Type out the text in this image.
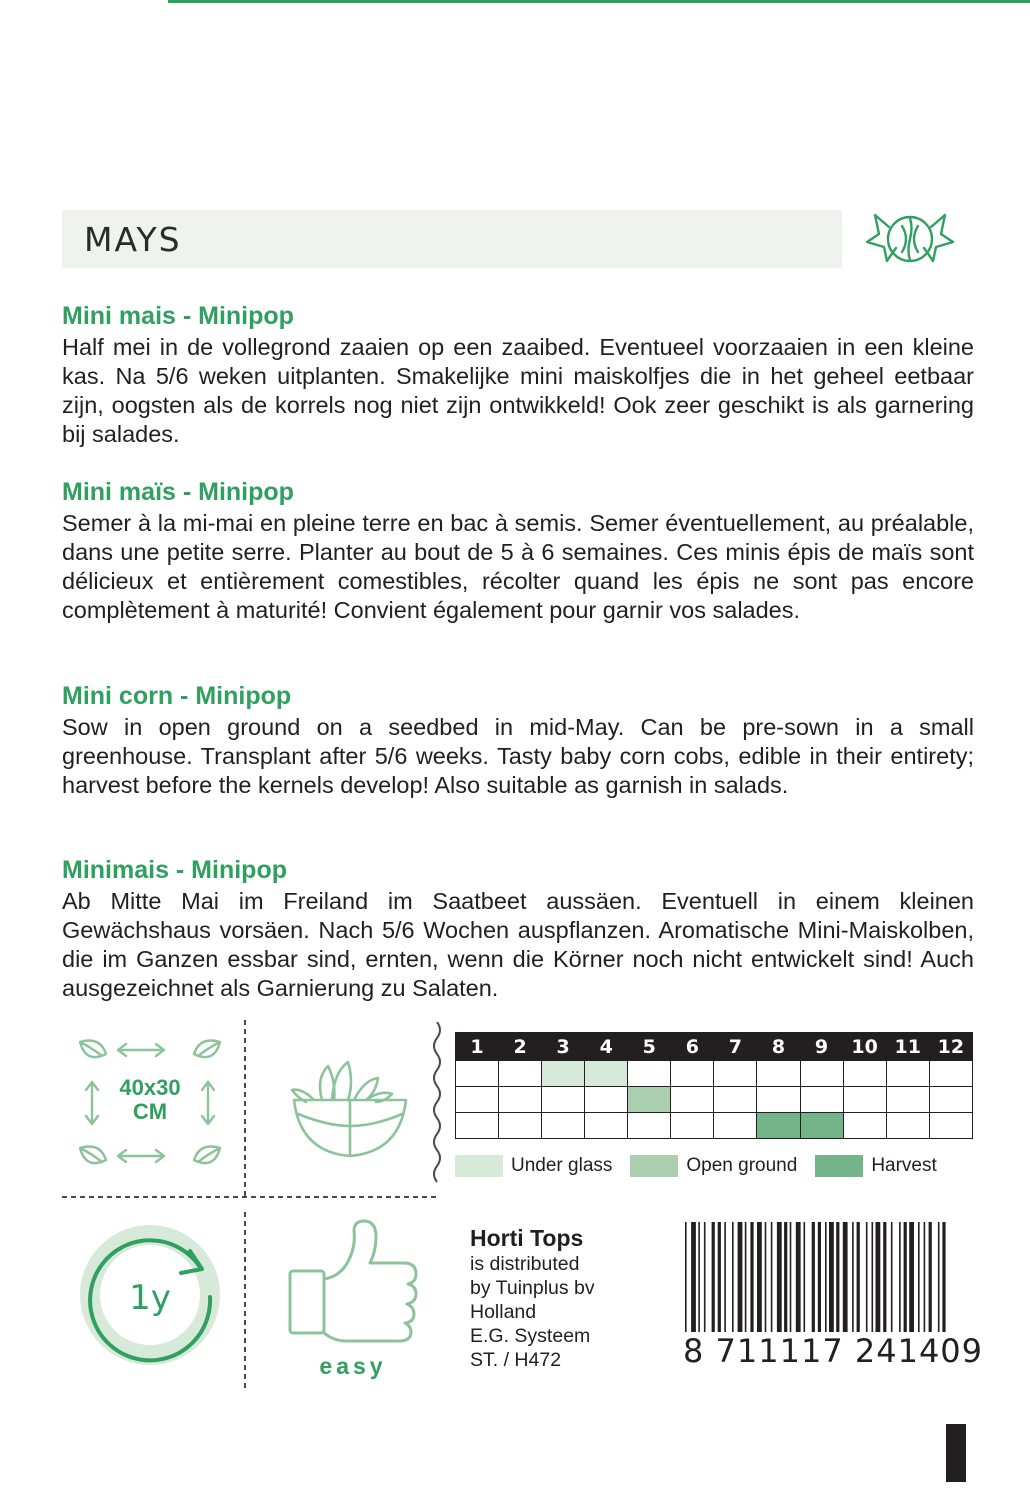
MAYS
Mini mais - Minipop

Half mei in de vollegrond zaaien op een zaaibed. Eventueel voorzaaien in een kleine kas. Na 5/6 weken uitplanten. Smakelijke mini maiskolfjes die in het geheel eetbaar zijn, oogsten als de korrels nog niet zijn ontwikkeld! Ook zeer geschikt is als garnering bij salades.

Mini maïs - Minipop

Semer à la mi-mai en pleine terre en bac à semis. Semer éventuellement, au préalable, dans une petite serre. Planter au bout de 5 à 6 semaines. Ces minis épis de maïs sont délicieux et entièrement comestibles, récolter quand les épis ne sont pas encore complètement à maturité! Convient également pour garnir vos salades.

Mini corn - Minipop

Sow in open ground on a seedbed in mid-May. Can be pre-sown in a small greenhouse. Transplant after 5/6 weeks. Tasty baby corn cobs, edible in their entirety; harvest before the kernels develop! Also suitable as garnish in salads.

Minimais - Minipop

Ab Mitte Mai im Freiland im Saatbeet aussäen. Eventuell in einem kleinen Gewächshaus vorsäen. Nach 5/6 Wochen auspflanzen. Aromatische Mini-Maiskolben, die im Ganzen essbar sind, ernten, wenn die Körner noch nicht entwickelt sind! Auch ausgezeichnet als Garnierung zu Salaten.

40x30
CM
1y
easy
1	2	3	4	5	6	7	8	9	10	11	12

Under glass	Open ground	Harvest
Horti Tops
is distributed
by Tuinplus bv
Holland
E.G. Systeem
ST. / H472	8 711117 241409
